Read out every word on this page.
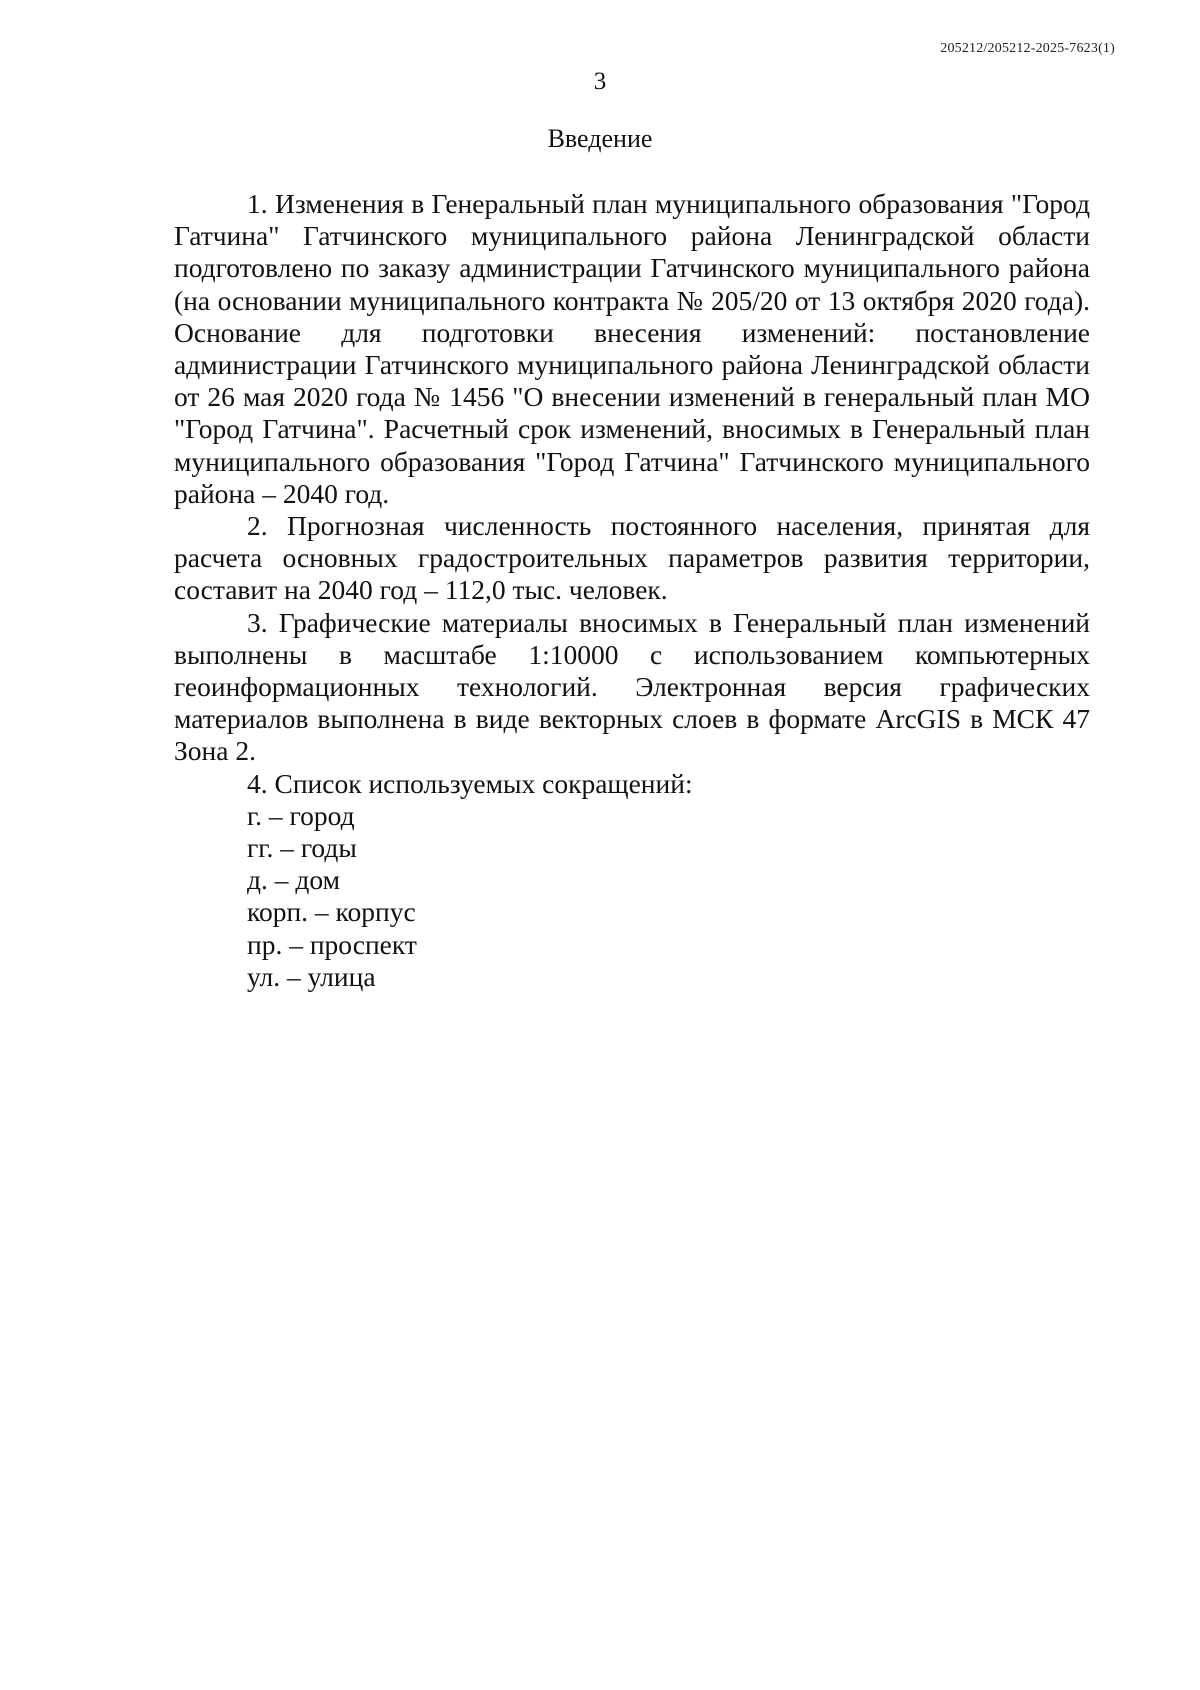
205212/205212-2025-7623(1)
3
Введение

1. Изменения в Генеральный план муниципального образования "Город Гатчина" Гатчинского муниципального района Ленинградской области подготовлено по заказу администрации Гатчинского муниципального района (на основании муниципального контракта № 205/20 от 13 октября 2020 года). Основание для подготовки внесения изменений: постановление администрации Гатчинского муниципального района Ленинградской области от 26 мая 2020 года № 1456 "О внесении изменений в генеральный план МО "Город Гатчина". Расчетный срок изменений, вносимых в Генеральный план муниципального образования "Город Гатчина" Гатчинского муниципального района – 2040 год.

2. Прогнозная численность постоянного населения, принятая для расчета основных градостроительных параметров развития территории, составит на 2040 год – 112,0 тыс. человек.

3. Графические материалы вносимых в Генеральный план изменений выполнены в масштабе 1:10000 с использованием компьютерных геоинформационных технологий. Электронная версия графических материалов выполнена в виде векторных слоев в формате ArcGIS в МСК 47 Зона 2.

4. Список используемых сокращений:

г. – город
гг. – годы
д. – дом
корп. – корпус
пр. – проспект
ул. – улица
